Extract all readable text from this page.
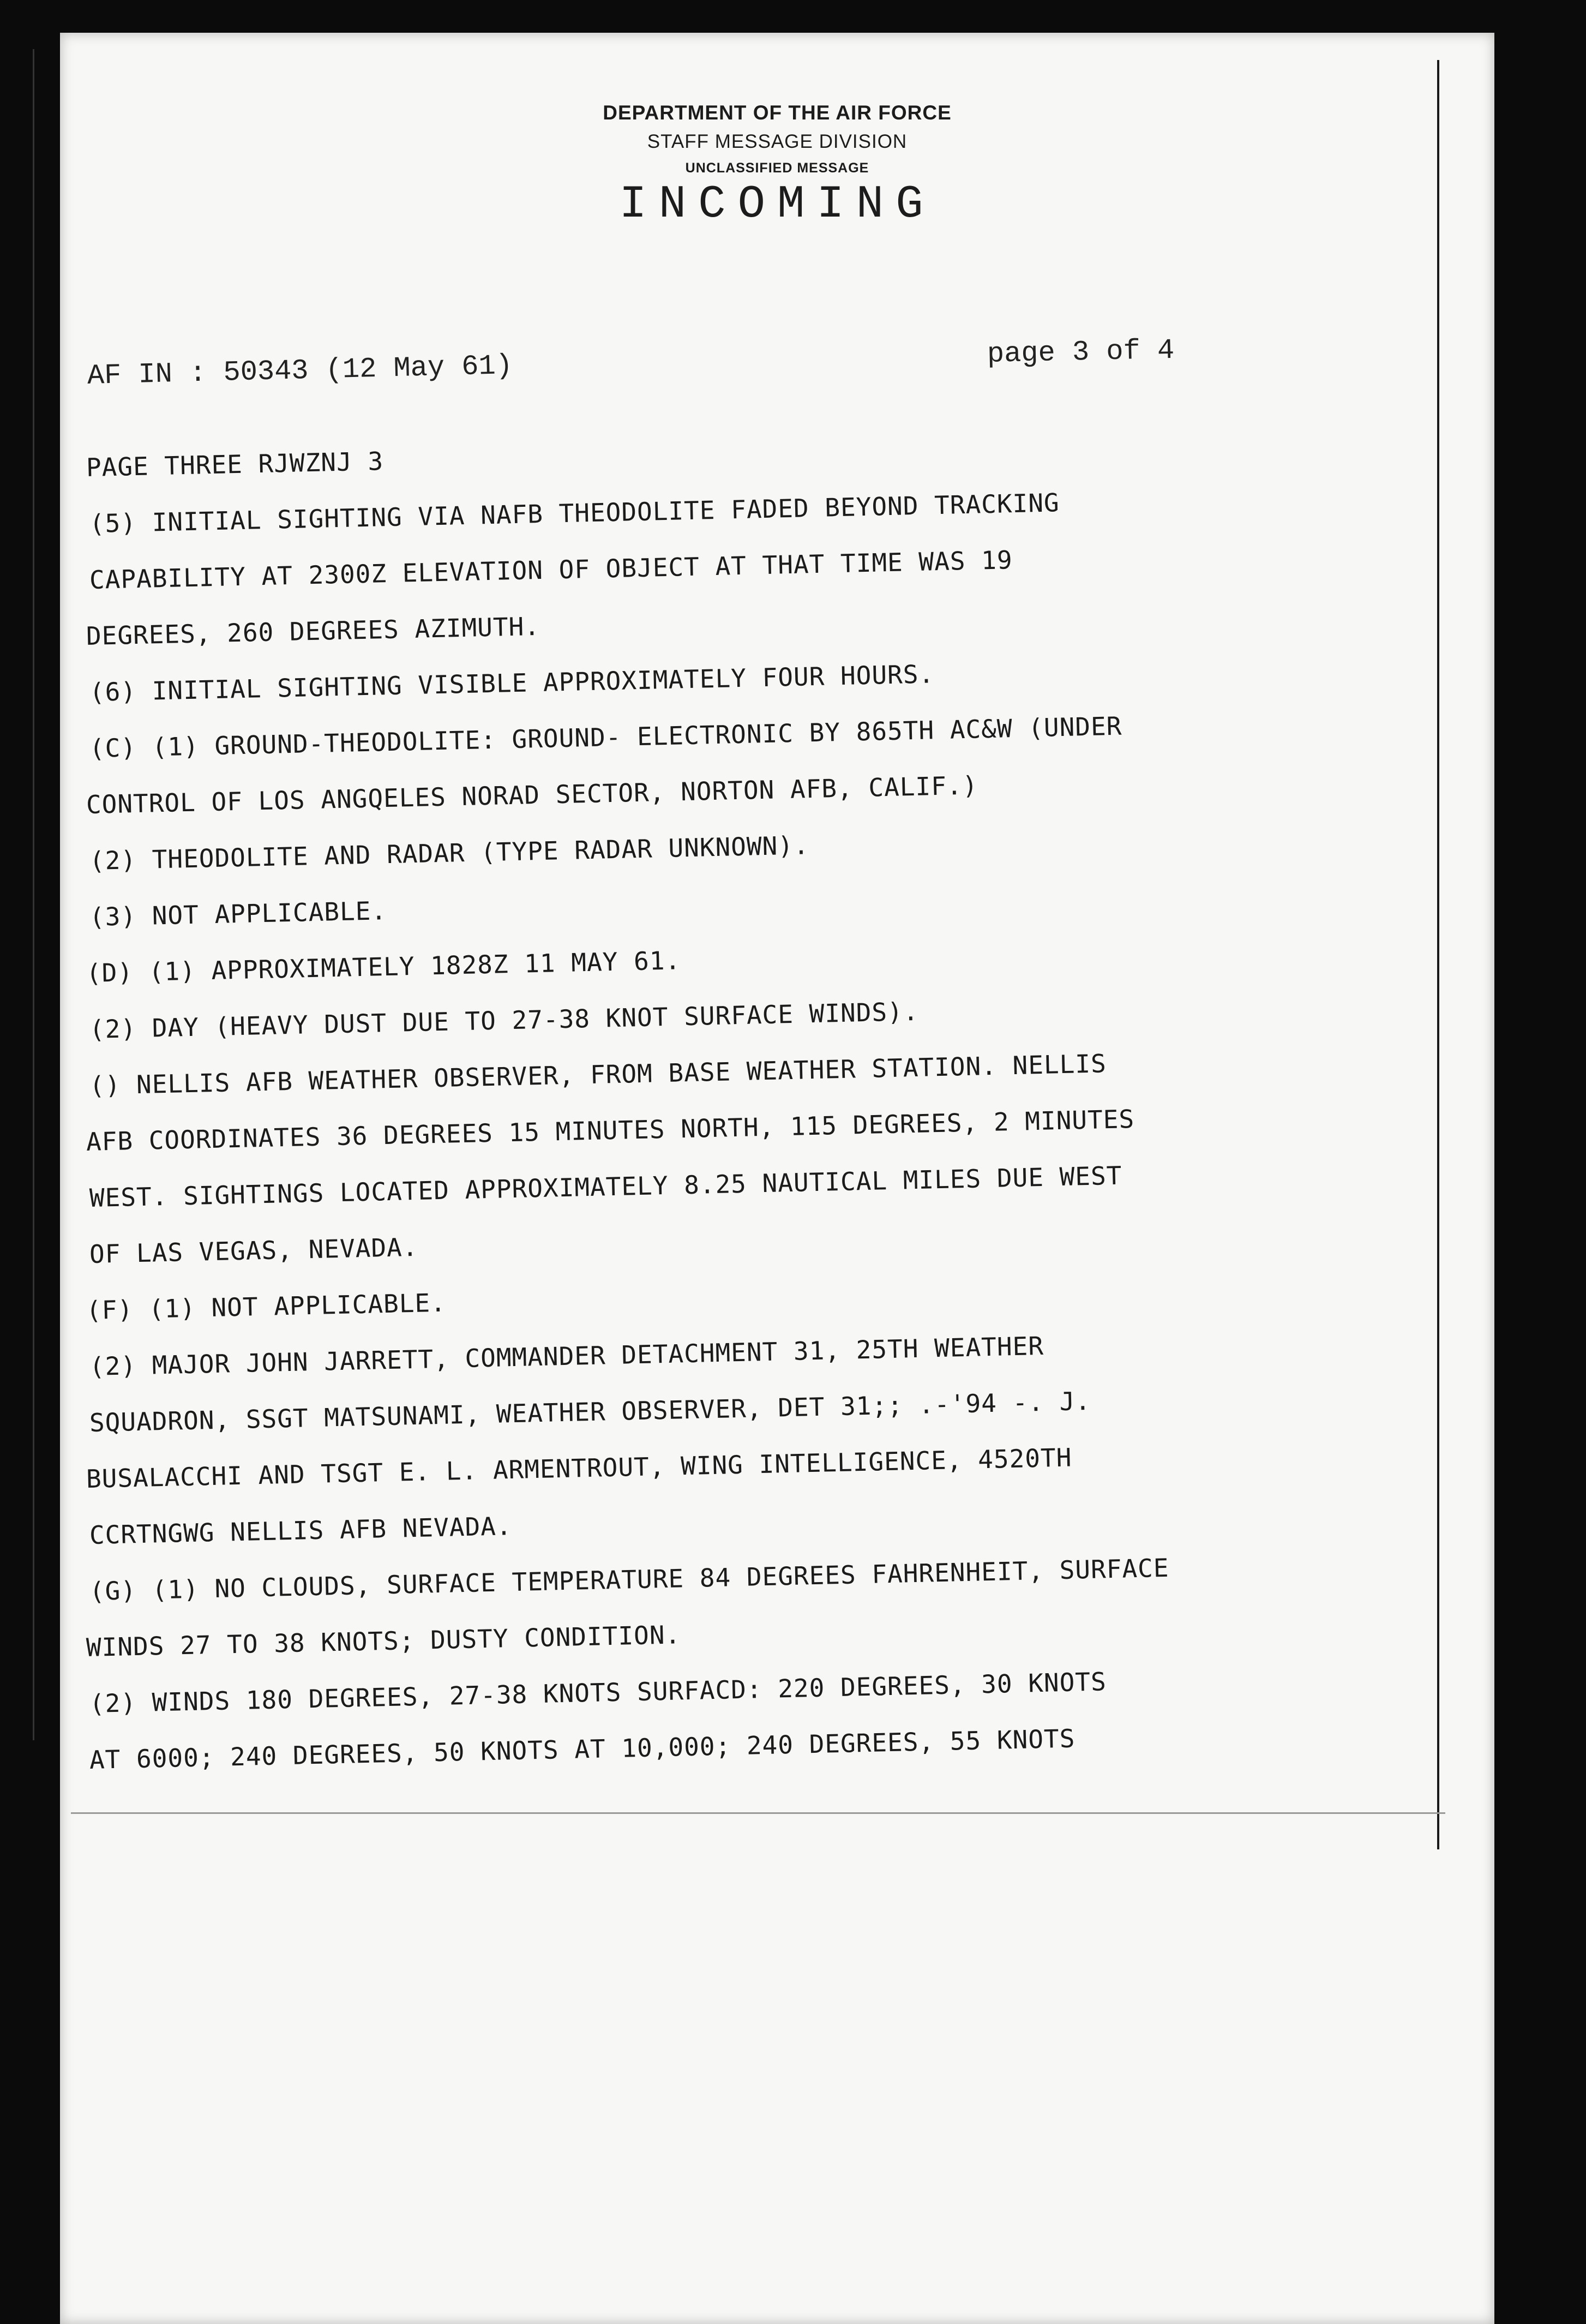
DEPARTMENT OF THE AIR FORCE
STAFF MESSAGE DIVISION
UNCLASSIFIED MESSAGE
INCOMING
AF IN : 50343 (12 May 61)	page 3 of 4
PAGE THREE RJWZNJ 3
(5) INITIAL SIGHTING VIA NAFB THEODOLITE FADED BEYOND TRACKING
CAPABILITY AT 2300Z ELEVATION OF OBJECT AT THAT TIME WAS 19
DEGREES, 260 DEGREES AZIMUTH.
(6) INITIAL SIGHTING VISIBLE APPROXIMATELY FOUR HOURS.
(C) (1) GROUND-THEODOLITE: GROUND- ELECTRONIC BY 865TH AC&W (UNDER
CONTROL OF LOS ANGQELES NORAD SECTOR, NORTON AFB, CALIF.)
(2) THEODOLITE AND RADAR (TYPE RADAR UNKNOWN).
(3) NOT APPLICABLE.
(D) (1) APPROXIMATELY 1828Z 11 MAY 61.
(2) DAY (HEAVY DUST DUE TO 27-38 KNOT SURFACE WINDS).
() NELLIS AFB WEATHER OBSERVER, FROM BASE WEATHER STATION. NELLIS
AFB COORDINATES 36 DEGREES 15 MINUTES NORTH, 115 DEGREES, 2 MINUTES
WEST. SIGHTINGS LOCATED APPROXIMATELY 8.25 NAUTICAL MILES DUE WEST
OF LAS VEGAS, NEVADA.
(F) (1) NOT APPLICABLE.
(2) MAJOR JOHN JARRETT, COMMANDER DETACHMENT 31, 25TH WEATHER
SQUADRON, SSGT MATSUNAMI, WEATHER OBSERVER, DET 31;; .-'94 -. J.
BUSALACCHI AND TSGT E. L. ARMENTROUT, WING INTELLIGENCE, 4520TH
CCRTNGWG NELLIS AFB NEVADA.
(G) (1) NO CLOUDS, SURFACE TEMPERATURE 84 DEGREES FAHRENHEIT, SURFACE
WINDS 27 TO 38 KNOTS; DUSTY CONDITION.
(2) WINDS 180 DEGREES, 27-38 KNOTS SURFACD: 220 DEGREES, 30 KNOTS
AT 6000; 240 DEGREES, 50 KNOTS AT 10,000; 240 DEGREES, 55 KNOTS
